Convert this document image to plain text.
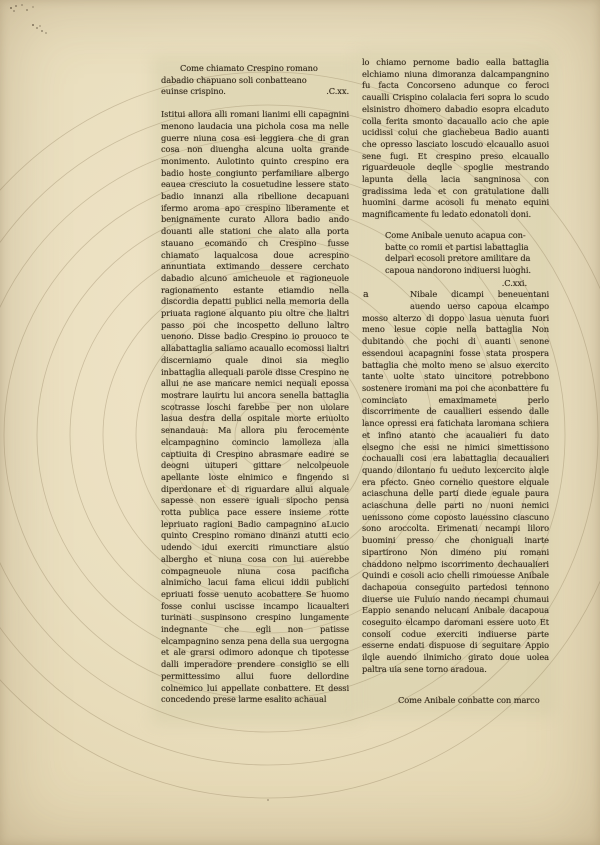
Come chiamato Crespino romano
dabadio chapuano soli conbatteano
euinse crispino.	.C.xx.

Istitui allora alli romani lianimi elli capagnini menono laudacia una pichola cosa ma nelle guerre niuna cosa esi leggiera che di gran cosa non diuengha alcuna uolta grande monimento. Aulotinto quinto crespino era badio hoste congiunto perfamiliare albergo eauea cresciuto la cosuetudine lessere stato badio innanzi alla ribellione decapuani ifermo aroma apo crespino liberamente et benignamente curato Allora badio ando douanti alle stationi che alato alla porta stauano ecomando ch Crespino fusse chiamato laqualcosa doue acrespino annuntiata extimando dessere cerchato dabadio alcuno amicheuole et ragioneuole ragionamento estante etiamdio nella discordia depatti publici nella memoria della priuata ragione alquanto piu oltre che lialtri passo poi che incospetto delluno laltro uenono. Disse badio Crespino io prouoco te allabattaglia saliamo acauallo ecomossi lialtri discerniamo quale dinoi sia meglio inbattaglia allequali parole disse Crespino ne allui ne ase mancare nemici nequali epossa mostrare lauirtu lui ancora senella battaglia scotrasse loschi farebbe per non uiolare lasua destra della ospitale morte eriuolto senandaua: Ma allora piu ferocemente elcampagnino comincio lamolleza alla captiuita di Crespino abrasmare eadire se deogni uituperi gittare nelcolpeuole apellante loste elnimico e fingendo si diperdonare et di riguardare allui alquale sapesse non essere iguali sipocho pensa rotta publica pace essere insieme rotte lepriuato ragioni Badio campagnino aLucio quinto Crespino romano dinanzi atutti ecio udendo idui exerciti rimunctiare alsuo albergho et niuna cosa con lui auerebbe compagneuole niuna cosa pacificha alnimicho lacui fama elicui iddii publichi epriuati fosse uenuto acobattere Se huomo fosse conlui uscisse incampo licaualteri turinati suspinsono crespino lungamente indegnante che egli non patisse elcampagnino senza pena della sua uergogna et ale grarsi odimoro adonque ch tipotesse dalli imperadore prendere consiglio se elli permittessimo allui fuore dellordine colnemico lui appellate conbattere. Et dessi concedendo prese larme esalito achaual

lo chiamo pernome badio ealla battaglia elchiamo niuna dimoranza dalcampangnino fu facta Concorseno adunque co feroci caualli Crispino colalacia feri sopra lo scudo elsinistro dhomero dabadio esopra elcaduto colla ferita smonto dacauallo acio che apie ucidissi colui che giachebeua Badio auanti che opresso lasciato loscudo elcauallo asuoi sene fugi. Et crespino preso elcauallo riguardeuole deqlle spoglie mestrando lapunta della lacia sangninosa con gradissima leda et con gratulatione dalli huomini darme acosoli fu menato equini magnificamente fu ledato edonatoli doni.

Come Anibale uenuto acapua con-
batte co romii et partisi labattaglia
delpari ecosoli pretore amilitare da
capoua nandorono indiuersi luoghi.
.C.xxi.
a	Nibale dicampi beneuentani auendo uerso capoua elcampo mosso alterzo di doppo lasua uenuta fuori meno lesue copie nella battaglia Non dubitando che pochi di auanti senone essendoui acapagnini fosse stata prospera battaglia che molto meno se alsuo exercito tante uolte stato uincitore potrebbono sostenere iromani ma poi che aconbattere fu cominciato emaximamete perlo discorrimente de cauallieri essendo dalle lance opressi era fatichata laromana schiera et infino atanto che acaualieri fu dato elsegno che essi ne nimici simettissono cochaualli cosi era labattaglia decaualieri quando dilontano fu ueduto lexcercito alqle era pfecto. Gneo cornelio questore elquale aciaschuna delle parti diede eguale paura aciaschuna delle parti no nuoni nemici uenissono come coposto lauessino ciascuno sono aroccolta. Erimenati necampi liloro buomini presso che choniguali inarte sipartirono Non dimeno piu romani chaddono nelpmo iscorrimento dechaualieri Quindi e cosoli acio chelli rimouesse Anibale dachapoua conseguito partedosi tennono diuerse uie Fuluio nando necampi chumaui Eappio senando nelucani Anibale dacapoua coseguito elcampo daromani essere uoto Et consoli codue exerciti indiuerse parte esserne endati dispuose di seguitare Appio ilqle auendo ilnimicho girato doue uolea paltra uia sene torno aradoua.
Come Anibale conbatte con marco
